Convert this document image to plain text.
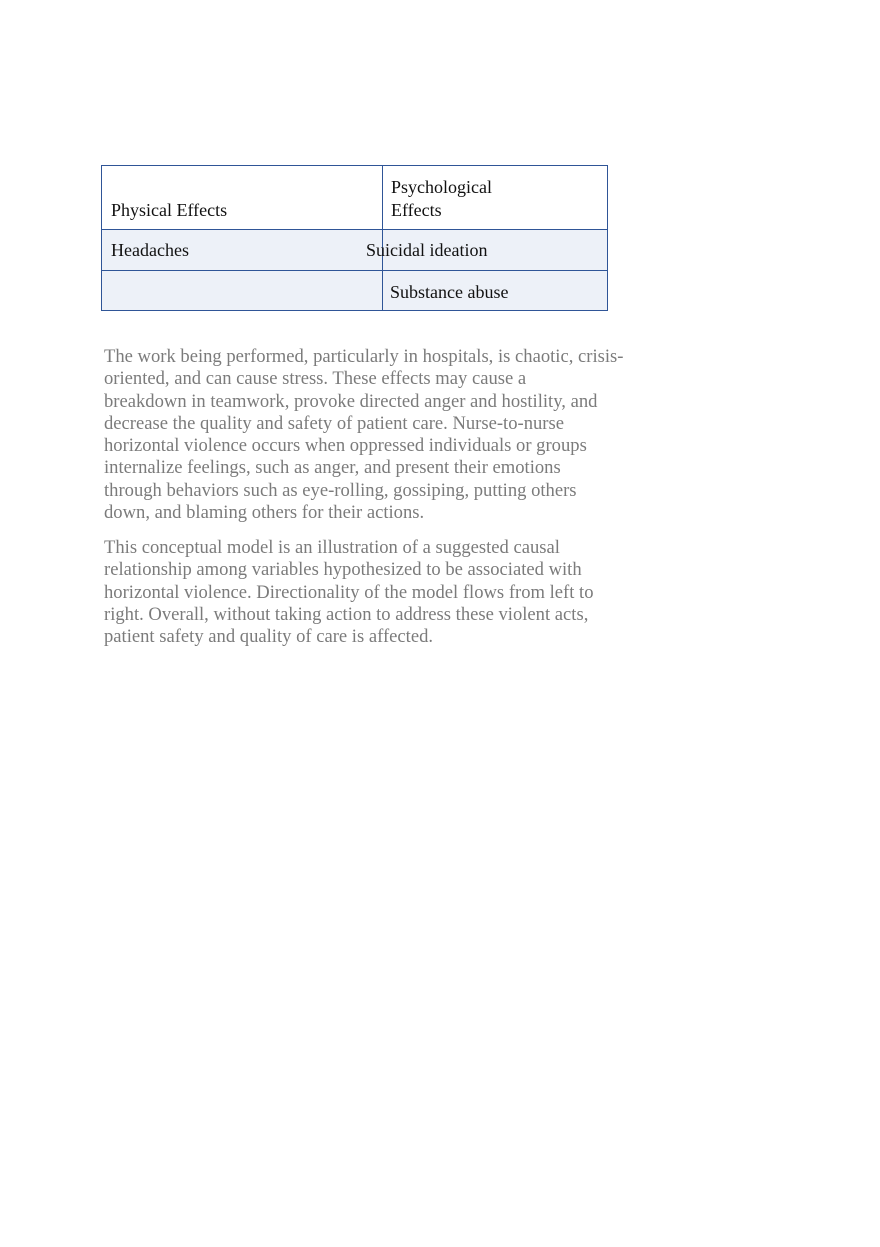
Physical Effects
Psychological
Effects
Headaches	Suicidal ideation
Substance abuse

The work being performed, particularly in hospitals, is chaotic, crisis-
oriented, and can cause stress. These effects may cause a
breakdown in teamwork, provoke directed anger and hostility, and
decrease the quality and safety of patient care. Nurse-to-nurse
horizontal violence occurs when oppressed individuals or groups
internalize feelings, such as anger, and present their emotions
through behaviors such as eye-rolling, gossiping, putting others
down, and blaming others for their actions.

This conceptual model is an illustration of a suggested causal
relationship among variables hypothesized to be associated with
horizontal violence. Directionality of the model flows from left to
right. Overall, without taking action to address these violent acts,
patient safety and quality of care is affected.
